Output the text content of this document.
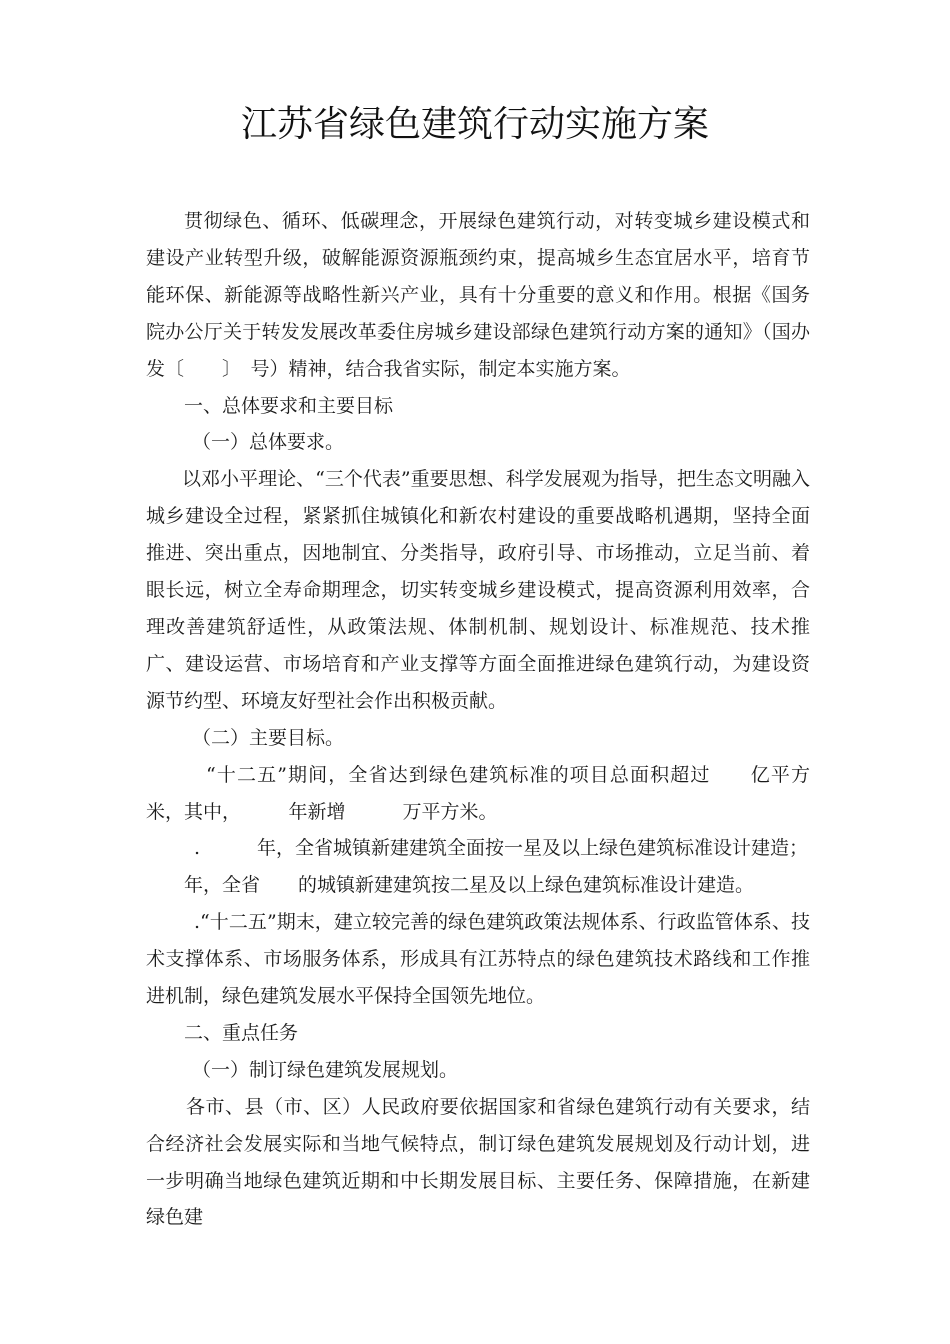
江苏省绿色建筑行动实施方案

贯彻绿色、循环、低碳理念，开展绿色建筑行动，对转变城乡建设模式和建设产业转型升级，破解能源资源瓶颈约束，提高城乡生态宜居水平，培育节能环保、新能源等战略性新兴产业，具有十分重要的意义和作用。根据《国务院办公厅关于转发发展改革委住房城乡建设部绿色建筑行动方案的通知》（国办发〔　　〕　号）精神，结合我省实际，制定本实施方案。

一、总体要求和主要目标

（一）总体要求。

以邓小平理论、“三个代表”重要思想、科学发展观为指导，把生态文明融入城乡建设全过程，紧紧抓住城镇化和新农村建设的重要战略机遇期，坚持全面推进、突出重点，因地制宜、分类指导，政府引导、市场推动，立足当前、着眼长远，树立全寿命期理念，切实转变城乡建设模式，提高资源利用效率，合理改善建筑舒适性，从政策法规、体制机制、规划设计、标准规范、技术推广、建设运营、市场培育和产业支撑等方面全面推进绿色建筑行动，为建设资源节约型、环境友好型社会作出积极贡献。

（二）主要目标。

“十二五”期间，全省达到绿色建筑标准的项目总面积超过　　亿平方米，其中，　　　年新增　　　万平方米。

.　　　年，全省城镇新建建筑全面按一星及以上绿色建筑标准设计建造；

年，全省　　的城镇新建建筑按二星及以上绿色建筑标准设计建造。

.“十二五”期末，建立较完善的绿色建筑政策法规体系、行政监管体系、技术支撑体系、市场服务体系，形成具有江苏特点的绿色建筑技术路线和工作推进机制，绿色建筑发展水平保持全国领先地位。

二、重点任务

（一）制订绿色建筑发展规划。

各市、县（市、区）人民政府要依据国家和省绿色建筑行动有关要求，结合经济社会发展实际和当地气候特点，制订绿色建筑发展规划及行动计划，进一步明确当地绿色建筑近期和中长期发展目标、主要任务、保障措施，在新建绿色建
